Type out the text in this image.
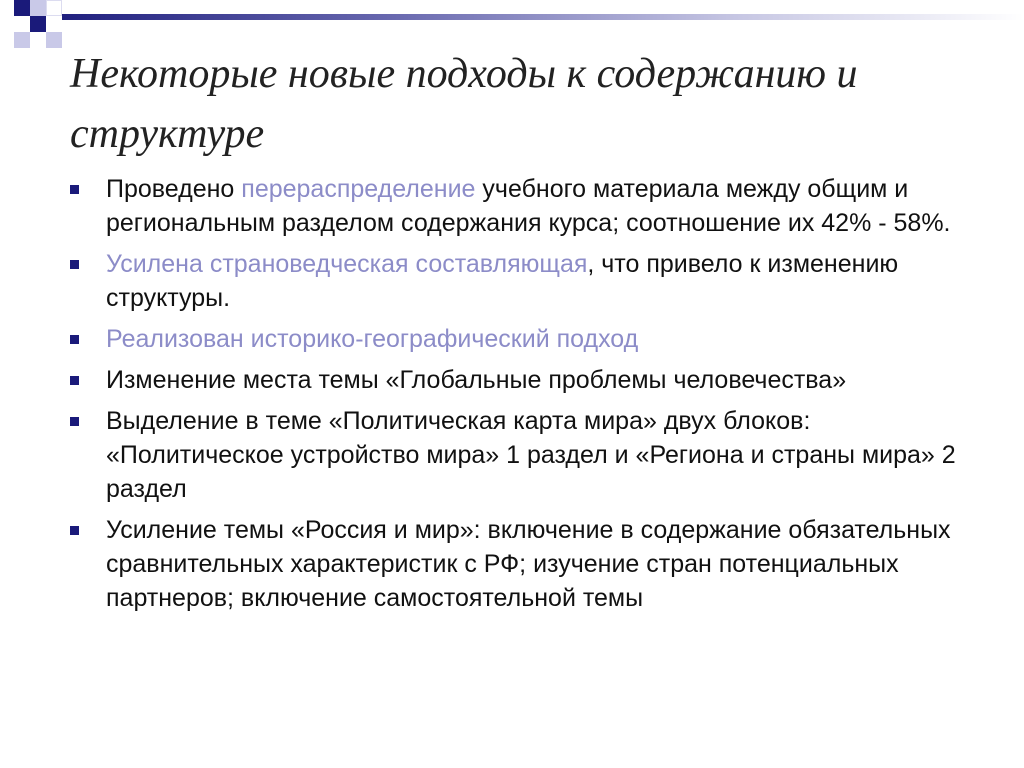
Некоторые новые подходы к содержанию и структуре
Проведено перераспределение учебного материала между общим и региональным разделом содержания курса; соотношение их 42% - 58%.
Усилена страноведческая составляющая, что привело к изменению структуры.
Реализован историко-географический подход
Изменение места темы «Глобальные проблемы человечества»
Выделение в теме «Политическая карта мира» двух блоков: «Политическое устройство мира» 1 раздел и «Региона и страны мира» 2 раздел
Усиление темы «Россия и мир»: включение в содержание обязательных сравнительных характеристик с РФ; изучение стран потенциальных партнеров; включение самостоятельной темы
